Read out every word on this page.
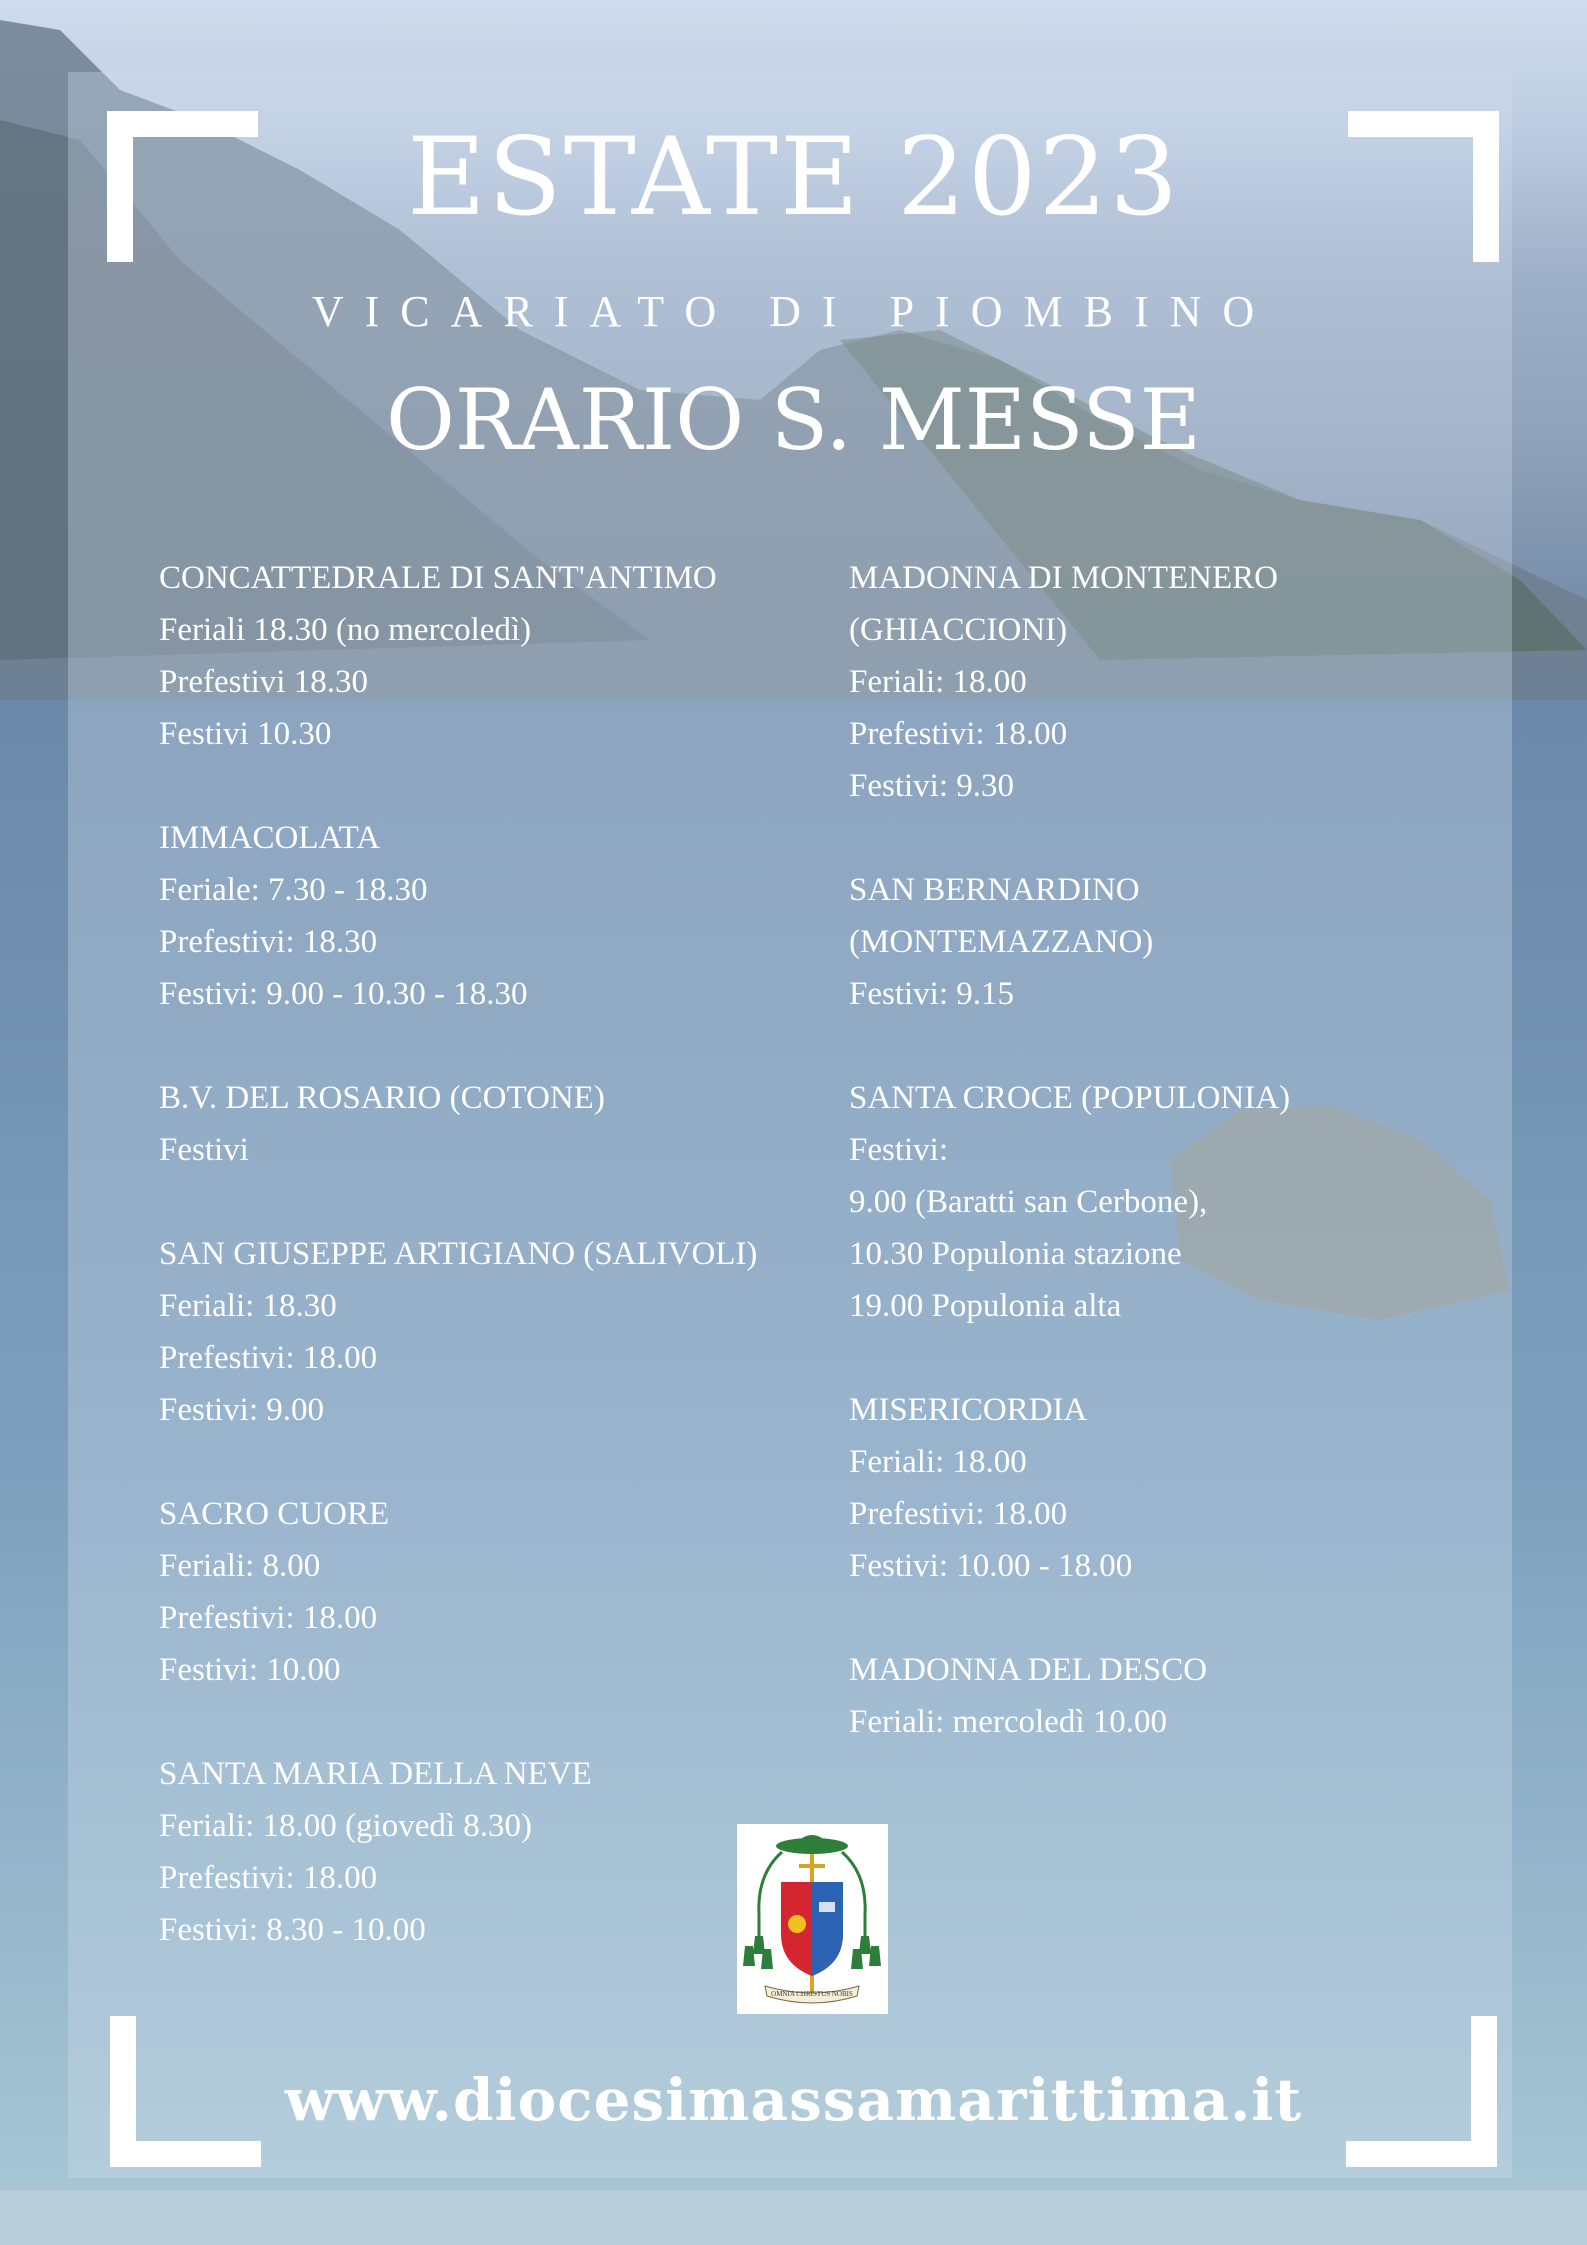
ESTATE 2023
VICARIATO DI PIOMBINO
ORARIO S. MESSE
CONCATTEDRALE DI SANT'ANTIMO
Feriali 18.30 (no mercoledì)
Prefestivi 18.30
Festivi 10.30
IMMACOLATA
Feriale: 7.30 - 18.30
Prefestivi: 18.30
Festivi: 9.00 - 10.30 - 18.30
B.V. DEL ROSARIO (COTONE)
Festivi
SAN GIUSEPPE ARTIGIANO (SALIVOLI)
Feriali: 18.30
Prefestivi: 18.00
Festivi: 9.00
SACRO CUORE
Feriali: 8.00
Prefestivi: 18.00
Festivi: 10.00
SANTA MARIA DELLA NEVE
Feriali: 18.00 (giovedì 8.30)
Prefestivi: 18.00
Festivi: 8.30 - 10.00
MADONNA DI MONTENERO
(GHIACCIONI)
Feriali: 18.00
Prefestivi: 18.00
Festivi: 9.30
SAN BERNARDINO
(MONTEMAZZANO)
Festivi: 9.15
SANTA CROCE (POPULONIA)
Festivi:
9.00 (Baratti san Cerbone),
10.30 Populonia stazione
19.00 Populonia alta
MISERICORDIA
Feriali: 18.00
Prefestivi: 18.00
Festivi: 10.00 - 18.00
MADONNA DEL DESCO
Feriali: mercoledì 10.00
OMNIA CHRISTUS NOBIS
www.diocesimassamarittima.it
